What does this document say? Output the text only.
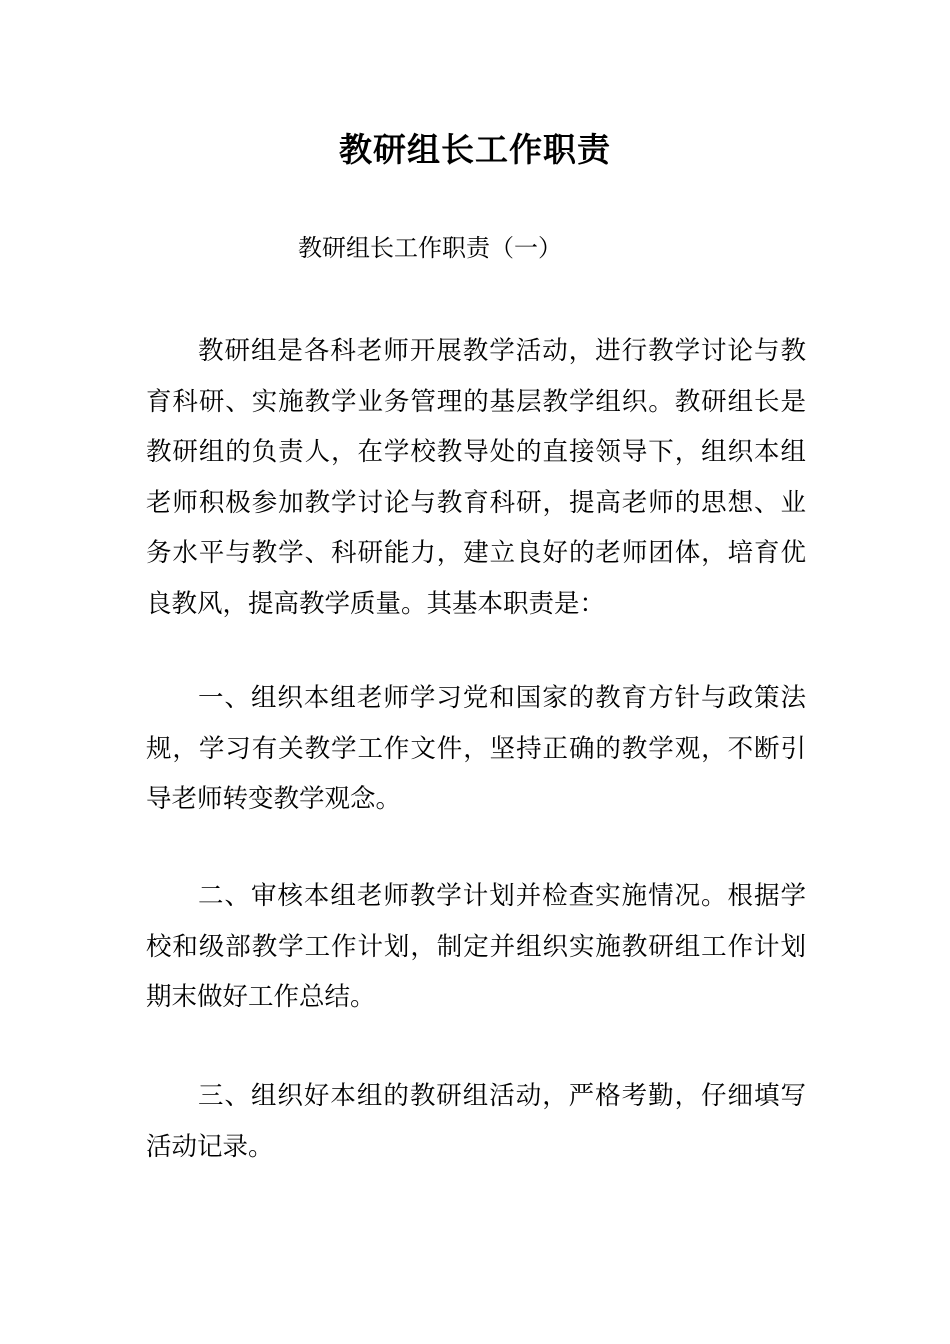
教研组长工作职责
教研组长工作职责（一）

教研组是各科老师开展教学活动，进行教学讨论与教育科研、实施教学业务管理的基层教学组织。教研组长是教研组的负责人，在学校教导处的直接领导下，组织本组老师积极参加教学讨论与教育科研，提高老师的思想、业务水平与教学、科研能力，建立良好的老师团体，培育优良教风，提高教学质量。其基本职责是：

一、组织本组老师学习党和国家的教育方针与政策法规，学习有关教学工作文件，坚持正确的教学观，不断引导老师转变教学观念。

二、审核本组老师教学计划并检查实施情况。根据学校和级部教学工作计划，制定并组织实施教研组工作计划期末做好工作总结。

三、组织好本组的教研组活动，严格考勤，仔细填写活动记录。
